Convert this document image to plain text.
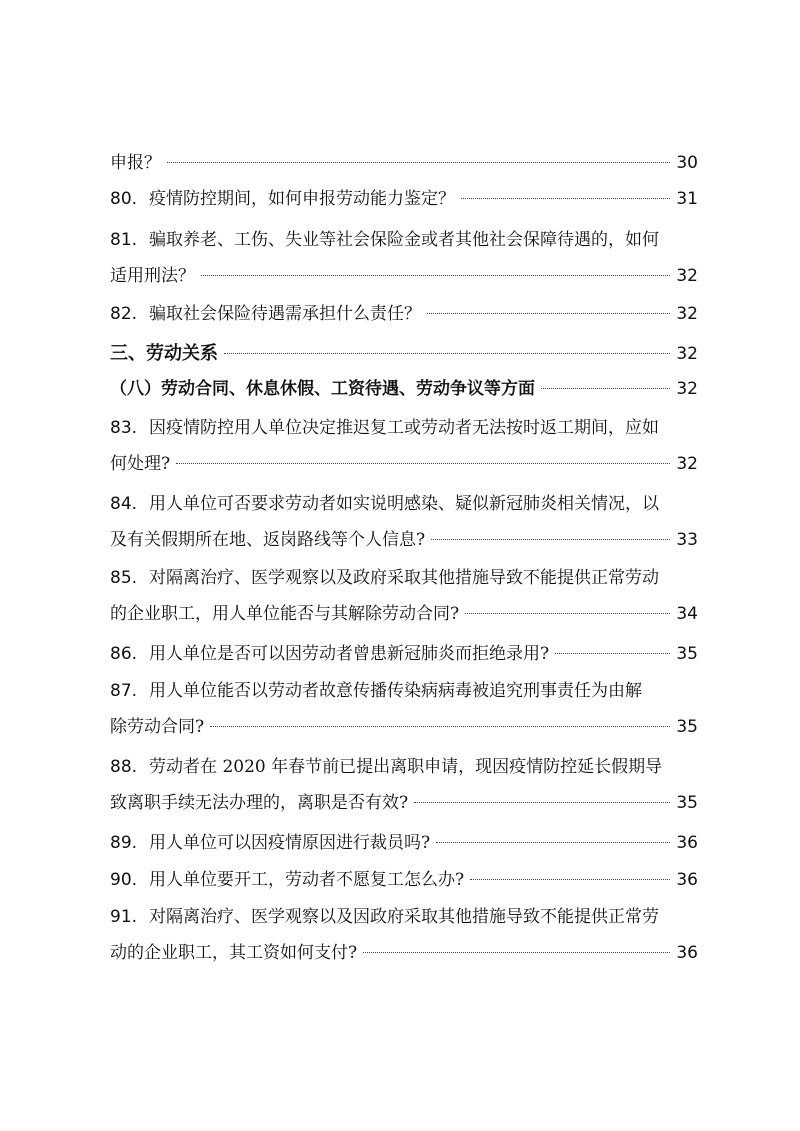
申报？	30
80. 疫情防控期间，如何申报劳动能力鉴定？	31
81. 骗取养老、工伤、失业等社会保险金或者其他社会保障待遇的，如何
适用刑法？	32
82. 骗取社会保险待遇需承担什么责任？	32
三、劳动关系	32
（八）劳动合同、休息休假、工资待遇、劳动争议等方面	32
83. 因疫情防控用人单位决定推迟复工或劳动者无法按时返工期间，应如
何处理?	32
84. 用人单位可否要求劳动者如实说明感染、疑似新冠肺炎相关情况，以
及有关假期所在地、返岗路线等个人信息?	33
85. 对隔离治疗、医学观察以及政府采取其他措施导致不能提供正常劳动
的企业职工，用人单位能否与其解除劳动合同?	34
86. 用人单位是否可以因劳动者曾患新冠肺炎而拒绝录用?	35
87. 用人单位能否以劳动者故意传播传染病病毒被追究刑事责任为由解
除劳动合同?	35
88. 劳动者在 2020 年春节前已提出离职申请，现因疫情防控延长假期导
致离职手续无法办理的，离职是否有效?	35
89. 用人单位可以因疫情原因进行裁员吗?	36
90. 用人单位要开工，劳动者不愿复工怎么办?	36
91. 对隔离治疗、医学观察以及因政府采取其他措施导致不能提供正常劳
动的企业职工，其工资如何支付?	36
